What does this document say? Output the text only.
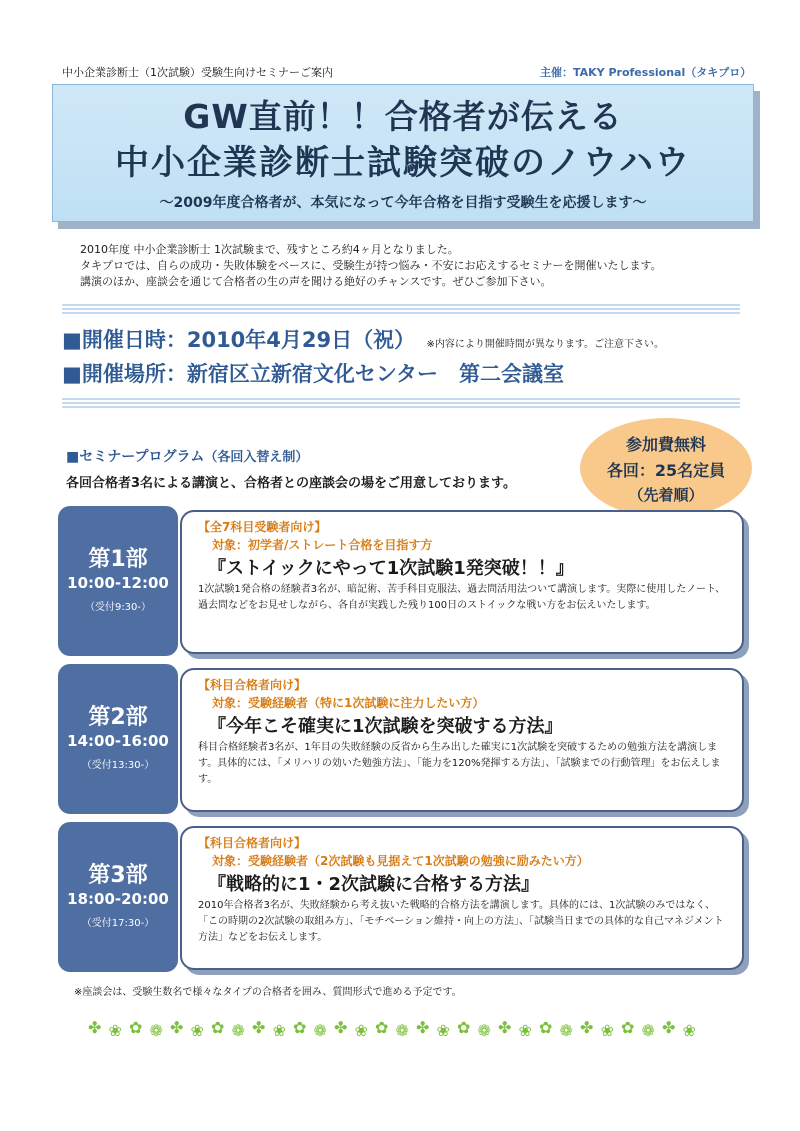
中小企業診断士（1次試験）受験生向けセミナーご案内	主催：TAKY Professional（タキプロ）
GW直前！！合格者が伝える
中小企業診断士試験突破のノウハウ
～2009年度合格者が、本気になって今年合格を目指す受験生を応援します～
2010年度 中小企業診断士 1次試験まで、残すところ約4ヶ月となりました。
タキプロでは、自らの成功・失敗体験をベースに、受験生が持つ悩み・不安にお応えするセミナーを開催いたします。
講演のほか、座談会を通じて合格者の生の声を聞ける絶好のチャンスです。ぜひご参加下さい。
■開催日時：2010年4月29日（祝） ※内容により開催時間が異なります。ご注意下さい。
■開催場所：新宿区立新宿文化センター　第二会議室
■セミナープログラム（各回入替え制）
各回合格者3名による講演と、合格者との座談会の場をご用意しております。
参加費無料
各回：25名定員
（先着順）
第1部
10:00-12:00
（受付9:30-）
【全7科目受験者向け】
対象：初学者/ストレート合格を目指す方
『ストイックにやって1次試験1発突破！！』
1次試験1発合格の経験者3名が、暗記術、苦手科目克服法、過去問活用法ついて講演します。実際に使用したノート、過去問などをお見せしながら、各自が実践した残り100日のストイックな戦い方をお伝えいたします。
第2部
14:00-16:00
（受付13:30-）
【科目合格者向け】
対象：受験経験者（特に1次試験に注力したい方）
『今年こそ確実に1次試験を突破する方法』
科目合格経験者3名が、1年目の失敗経験の反省から生み出した確実に1次試験を突破するための勉強方法を講演します。具体的には、「メリハリの効いた勉強方法」、「能力を120%発揮する方法」、「試験までの行動管理」をお伝えします。
第3部
18:00-20:00
（受付17:30-）
【科目合格者向け】
対象：受験経験者（2次試験も見据えて1次試験の勉強に励みたい方）
『戦略的に1・2次試験に合格する方法』
2010年合格者3名が、失敗経験から考え抜いた戦略的合格方法を講演します。具体的には、1次試験のみではなく、「この時期の2次試験の取組み方」、「モチベーション維持・向上の方法」、「試験当日までの具体的な自己マネジメント方法」などをお伝えします。
※座談会は、受験生数名で様々なタイプの合格者を囲み、質問形式で進める予定です。
✤ ❀ ✿ ❁ ✤ ❀ ✿ ❁ ✤ ❀ ✿ ❁ ✤ ❀ ✿ ❁ ✤ ❀ ✿ ❁ ✤ ❀ ✿ ❁ ✤ ❀ ✿ ❁ ✤ ❀
